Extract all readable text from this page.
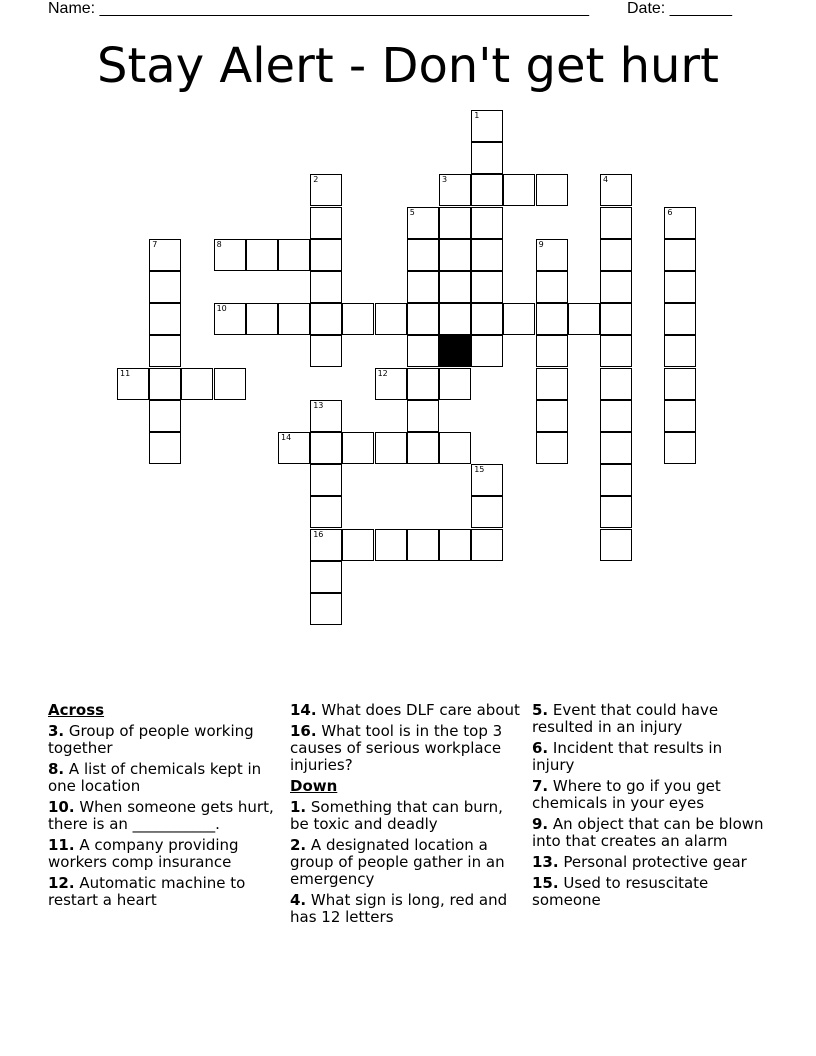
Name: _______________________________________________________ Date: _______
Stay Alert - Don't get hurt
1
2	3	4
5	6
7	8	9
10
11	12
13
14
15
16
Across
3. Group of people working together
8. A list of chemicals kept in one location
10. When someone gets hurt, there is an ___________.
11. A company providing workers comp insurance
12. Automatic machine to restart a heart
14. What does DLF care about
16. What tool is in the top 3 causes of serious workplace injuries?
Down
1. Something that can burn, be toxic and deadly
2. A designated location a group of people gather in an emergency
4. What sign is long, red and has 12 letters
5. Event that could have resulted in an injury
6. Incident that results in injury
7. Where to go if you get chemicals in your eyes
9. An object that can be blown into that creates an alarm
13. Personal protective gear
15. Used to resuscitate someone
